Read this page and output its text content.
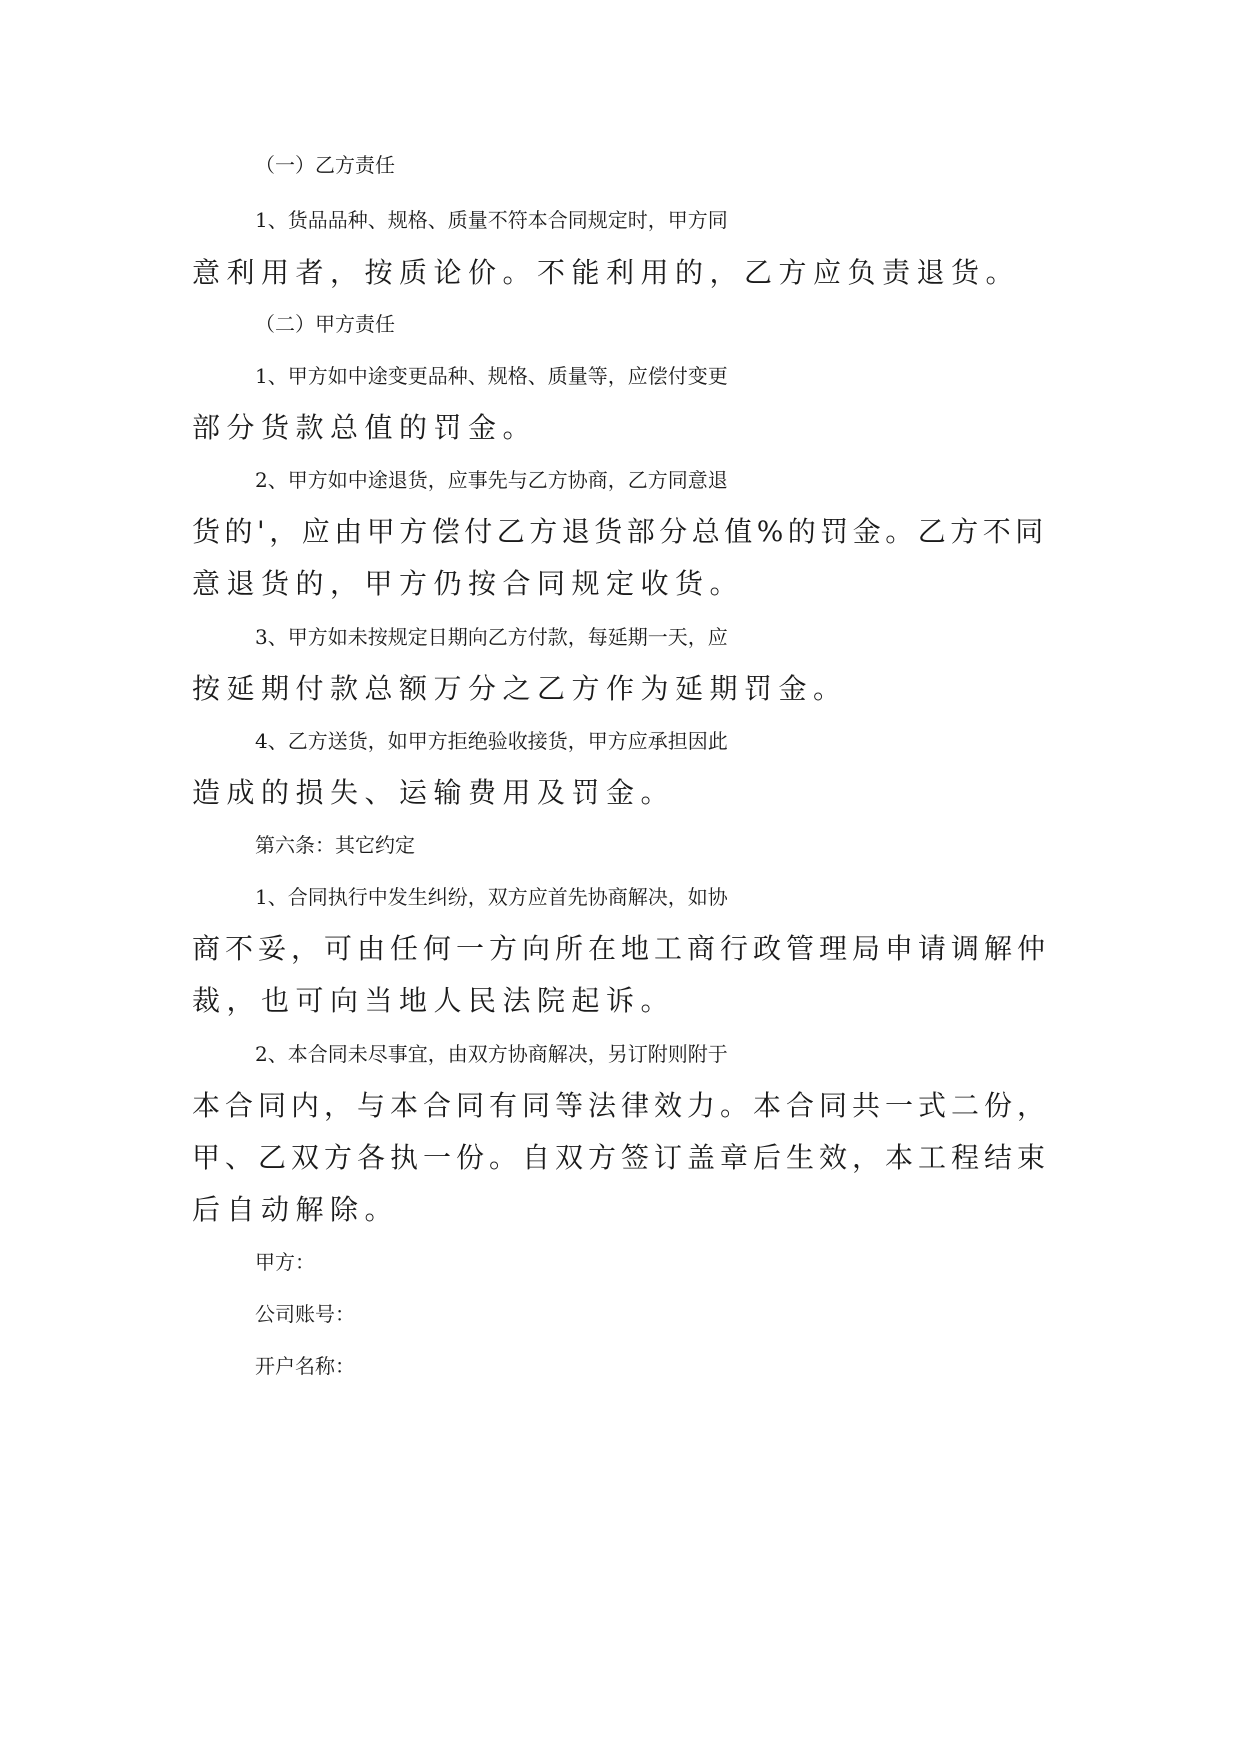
（一）乙方责任
1、货品品种、规格、质量不符本合同规定时，甲方同
意利用者，按质论价。不能利用的，乙方应负责退货。
（二）甲方责任
1、甲方如中途变更品种、规格、质量等，应偿付变更
部分货款总值的罚金。
2、甲方如中途退货，应事先与乙方协商，乙方同意退
货的'，应由甲方偿付乙方退货部分总值%的罚金。乙方不同
意退货的，甲方仍按合同规定收货。
3、甲方如未按规定日期向乙方付款，每延期一天，应
按延期付款总额万分之乙方作为延期罚金。
4、乙方送货，如甲方拒绝验收接货，甲方应承担因此
造成的损失、运输费用及罚金。
第六条：其它约定
1、合同执行中发生纠纷，双方应首先协商解决，如协
商不妥，可由任何一方向所在地工商行政管理局申请调解仲
裁，也可向当地人民法院起诉。
2、本合同未尽事宜，由双方协商解决，另订附则附于
本合同内，与本合同有同等法律效力。本合同共一式二份，
甲、乙双方各执一份。自双方签订盖章后生效，本工程结束
后自动解除。
甲方：
公司账号：
开户名称：
